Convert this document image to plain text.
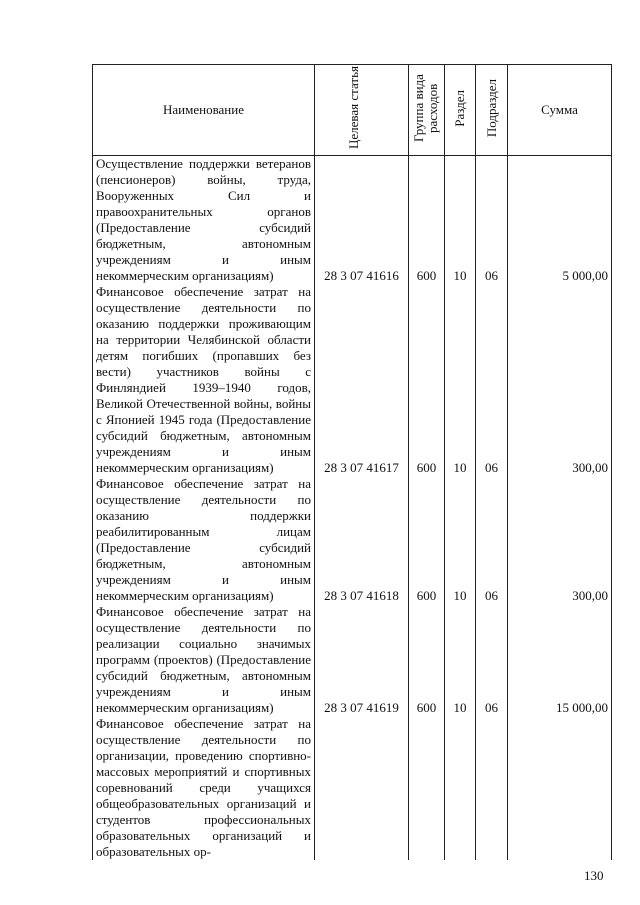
Наименование	Целевая статья	Группа вида расходов	Раздел	Подраздел	Сумма
Осуществление поддержки ветеранов (пенсионеров) войны, труда, Вооруженных Сил и правоохранительных органов (Предоставление субсидий бюджетным, автономным учреждениям и иным некоммерческим организациям)	28 3 07 41616	600	10	06	5 000,00
Финансовое обеспечение затрат на осуществление деятельности по оказанию поддержки проживающим на территории Челябинской области детям погибших (пропавших без вести) участников войны с Финляндией 1939–1940 годов, Великой Отечественной войны, войны с Японией 1945 года (Предоставление субсидий бюджетным, автономным учреждениям и иным некоммерческим организациям)	28 3 07 41617	600	10	06	300,00
Финансовое обеспечение затрат на осуществление деятельности по оказанию поддержки реабилитированным лицам (Предоставление субсидий бюджетным, автономным учреждениям и иным некоммерческим организациям)	28 3 07 41618	600	10	06	300,00
Финансовое обеспечение затрат на осуществление деятельности по реализации социально значимых программ (проектов) (Предоставление субсидий бюджетным, автономным учреждениям и иным некоммерческим организациям)	28 3 07 41619	600	10	06	15 000,00
Финансовое обеспечение затрат на осуществление деятельности по организации, проведению спортивно-массовых мероприятий и спортивных соревнований среди учащихся общеобразовательных организаций и студентов профессиональных образовательных организаций и образовательных ор-					
130
